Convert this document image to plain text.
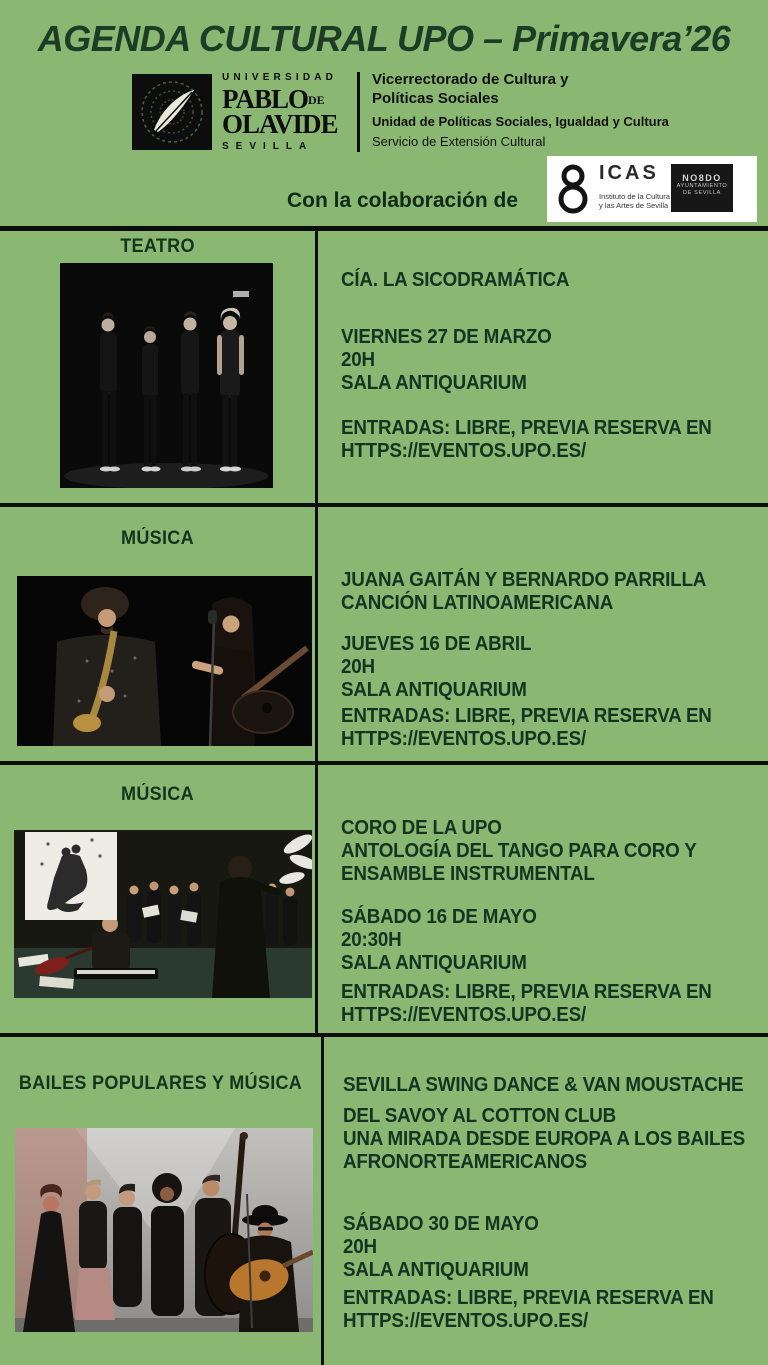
AGENDA CULTURAL UPO – Primavera’26
UNIVERSIDAD
PABLODE
OLAVIDE
SEVILLA
Vicerrectorado de Cultura y
Políticas Sociales
Unidad de Políticas Sociales, Igualdad y Cultura
Servicio de Extensión Cultural
Con la colaboración de
ICAS
Instituto de la Cultura
y las Artes de Sevilla
NO8DO
AYUNTAMIENTO
DE SEVILLA
TEATRO
CÍA. LA SICODRAMÁTICA
VIERNES 27 DE MARZO
20H
SALA ANTIQUARIUM
ENTRADAS: LIBRE, PREVIA RESERVA EN
HTTPS://EVENTOS.UPO.ES/
MÚSICA
JUANA GAITÁN Y BERNARDO PARRILLA
CANCIÓN LATINOAMERICANA
JUEVES 16 DE ABRIL
20H
SALA ANTIQUARIUM
ENTRADAS: LIBRE, PREVIA RESERVA EN
HTTPS://EVENTOS.UPO.ES/
MÚSICA
CORO DE LA UPO
ANTOLOGÍA DEL TANGO PARA CORO Y
ENSAMBLE INSTRUMENTAL
SÁBADO 16 DE MAYO
20:30H
SALA ANTIQUARIUM
ENTRADAS: LIBRE, PREVIA RESERVA EN
HTTPS://EVENTOS.UPO.ES/
BAILES POPULARES Y MÚSICA	SEVILLA SWING DANCE & VAN MOUSTACHE
DEL SAVOY AL COTTON CLUB
UNA MIRADA DESDE EUROPA A LOS BAILES
AFRONORTEAMERICANOS
SÁBADO 30 DE MAYO
20H
SALA ANTIQUARIUM
ENTRADAS: LIBRE, PREVIA RESERVA EN
HTTPS://EVENTOS.UPO.ES/
